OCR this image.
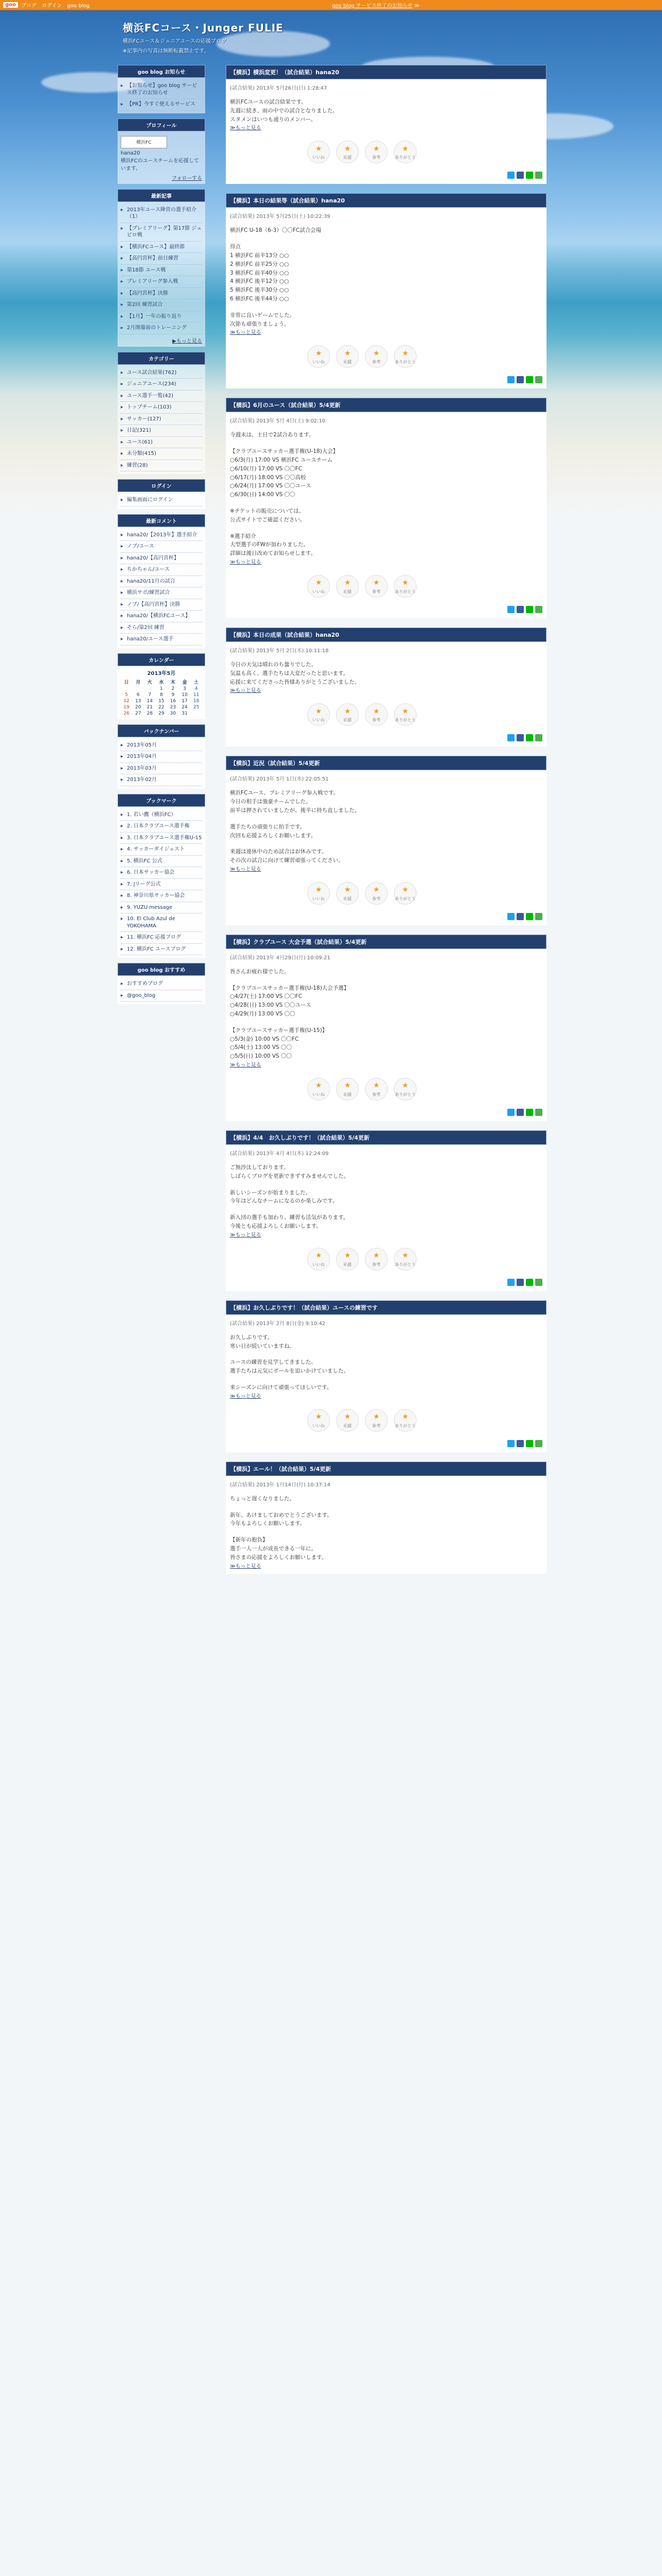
goo	ブログ　ログイン　goo blog	goo blog サービス終了のお知らせ ≫
横浜FCコース・Junger FULIE

横浜FCユース＆ジュニアユースの応援ブログ

※記事内の写真は無断転載禁止です。

goo blog お知らせ
▸ 【お知らせ】goo blog サービス終了のお知らせ
▸ 【PR】今すぐ使えるサービス
プロフィール
横浜FC
hana20
横浜FCのユースチームを応援しています。
フォローする
最新記事
▸ 2013年ユース陣営の選手紹介（1）
▸ 【プレミアリーグ】第17節 ジュビロ戦
▸ 【横浜FCユース】最終節
▸ 【高円宮杯】前日練習
▸ 第18節 ユース戦
▸ プレミアリーグ参入戦
▸ 【高円宮杯】決勝
▸ 第2回 練習試合
▸ 【1月】一年の振り返り
▸ 2月開幕前のトレーニング
▶もっと見る
カテゴリー
▸ ユース試合結果(762)
▸ ジュニアユース(234)
▸ ユース選手一覧(42)
▸ トップチーム(103)
▸ サッカー(127)
▸ 日記(321)
▸ ユース(61)
▸ 未分類(415)
▸ 練習(28)
ログイン
▸ 編集画面にログイン
最新コメント
▸ hana20/【2013年】選手紹介
▸ ノブ/ユース
▸ hana20/【高円宮杯】
▸ ちかちゃん/ユース
▸ hana20/11月の試合
▸ 横浜サポ/練習試合
▸ ノブ/【高円宮杯】決勝
▸ hana20/【横浜FCユース】
▸ そら/第2回 練習
▸ hana20/ユース選手
カレンダー
2013年5月
日	月	火	水	木	金	土
			1	2	3	4
5	6	7	8	9	10	11
12	13	14	15	16	17	18
19	20	21	22	23	24	25
26	27	28	29	30	31	
バックナンバー
▸ 2013年05月
▸ 2013年04月
▸ 2013年03月
▸ 2013年02月
ブックマーク
▸ 1. 若い鷹（横浜FC）
▸ 2. 日本クラブユース選手権
▸ 3. 日本クラブユース選手権U-15
▸ 4. サッカーダイジェスト
▸ 5. 横浜FC 公式
▸ 6. 日本サッカー協会
▸ 7. Jリーグ公式
▸ 8. 神奈川県サッカー協会
▸ 9. YUZU message
▸ 10. El Club Azul de YOKOHAMA
▸ 11. 横浜FC 応援ブログ
▸ 12. 横浜FC ユースブログ
goo blog おすすめ
▸ おすすめブログ
▸ @goo_blog
【横浜】横浜変更！（試合結果）hana20
(試合結果) 2013年 5月26日(日) 1:28:47
横浜FCユースの試合結果です。
先週に続き、雨の中での試合となりました。
スタメンはいつも通りのメンバー。
≫もっと見る
★
いいね
★
応援
★
参考
★
ありがとう
【横浜】本日の結果等（試合結果）hana20
(試合結果) 2013年 5月25日(土) 10:22:39
横浜FC U-18（6-3）〇〇FC試合会場
得点
1 横浜FC 前半13分 ○○
2 横浜FC 前半25分 ○○
3 横浜FC 前半40分 ○○
4 横浜FC 後半12分 ○○
5 横浜FC 後半30分 ○○
6 横浜FC 後半44分 ○○
非常に良いゲームでした。
次節も頑張りましょう。
≫もっと見る
★
いいね
★
応援
★
参考
★
ありがとう
【横浜】6月のユース（試合結果）5/4更新
(試合結果) 2013年 5月 4日(土) 9:02:10
今週末は、土日で2試合あります。
【クラブユースサッカー選手権(U-18)大会】
○6/3(月) 17:00 VS 横浜FC ユースチーム
○6/10(月) 17:00 VS 〇〇FC
○6/17(月) 18:00 VS 〇〇高校
○6/24(月) 17:00 VS 〇〇ユース
○6/30(日) 14:00 VS 〇〇
※チケットの販売については、
公式サイトでご確認ください。
※選手紹介
大型選手のFWが加わりました。
詳細は後日改めてお知らせします。
≫もっと見る
★
いいね
★
応援
★
参考
★
ありがとう
【横浜】本日の成果（試合結果）hana20
(試合結果) 2013年 5月 2日(木) 10:11:18
今日の天気は晴れのち曇りでした。
気温も高く、選手たちは大変だったと思います。
応援に来てくださった皆様ありがとうございました。
≫もっと見る
★
いいね
★
応援
★
参考
★
ありがとう
【横浜】近況（試合結果）5/4更新
(試合結果) 2013年 5月 1日(水) 22:05:51
横浜FCユース、プレミアリーグ参入戦です。
今日の相手は強豪チームでした。
前半は押されていましたが、後半に持ち直しました。
選手たちの頑張りに拍手です。
次回も応援よろしくお願いします。
来週は連休中のため試合はお休みです。
その次の試合に向けて練習頑張ってください。
≫もっと見る
★
いいね
★
応援
★
参考
★
ありがとう
【横浜】クラブユース 大会予選（試合結果）5/4更新
(試合結果) 2013年 4月29日(月) 10:09:21
皆さんお疲れ様でした。
【クラブユースサッカー選手権(U-18)大会予選】
○4/27(土) 17:00 VS 〇〇FC
○4/28(日) 13:00 VS 〇〇ユース
○4/29(月) 13:00 VS 〇〇
【クラブユースサッカー選手権(U-15)】
○5/3(金) 10:00 VS 〇〇FC
○5/4(土) 13:00 VS 〇〇
○5/5(日) 10:00 VS 〇〇
≫もっと見る
★
いいね
★
応援
★
参考
★
ありがとう
【横浜】4/4　お久しぶりです！（試合結果）5/4更新
(試合結果) 2013年 4月 4日(木) 12:24:09
ご無沙汰しております。
しばらくブログを更新できずすみませんでした。
新しいシーズンが始まりました。
今年はどんなチームになるのか楽しみです。
新入団の選手も加わり、練習も活気があります。
今後とも応援よろしくお願いします。
≫もっと見る
★
いいね
★
応援
★
参考
★
ありがとう
【横浜】お久しぶりです！（試合結果）ユースの練習です
(試合結果) 2013年 2月 8日(金) 9:10:42
お久しぶりです。
寒い日が続いていますね。
ユースの練習を見学してきました。
選手たちは元気にボールを追いかけていました。
来シーズンに向けて頑張ってほしいです。
≫もっと見る
★
いいね
★
応援
★
参考
★
ありがとう
【横浜】エール！（試合結果）5/4更新
(試合結果) 2013年 1月14日(月) 10:37:14
ちょっと遅くなりました。
新年、あけましておめでとうございます。
今年もよろしくお願いします。
【新年の抱負】
選手一人一人が成長できる一年に。
皆さまの応援をよろしくお願いします。
≫もっと見る
